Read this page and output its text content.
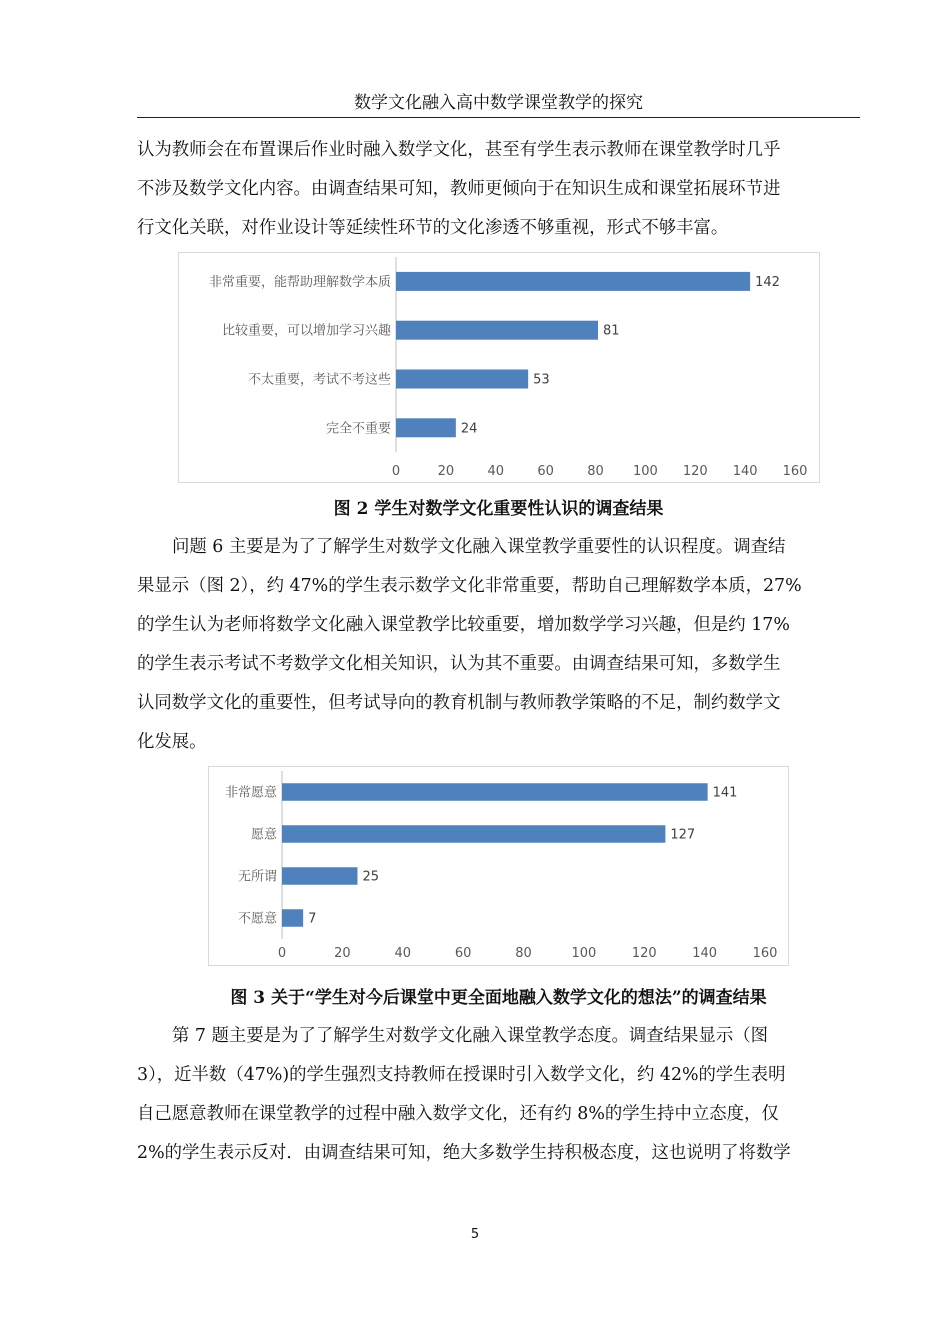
数学文化融入高中数学课堂教学的探究
认为教师会在布置课后作业时融入数学文化，甚至有学生表示教师在课堂教学时几乎
不涉及数学文化内容。由调查结果可知，教师更倾向于在知识生成和课堂拓展环节进
行文化关联，对作业设计等延续性环节的文化渗透不够重视，形式不够丰富。
非常重要，能帮助理解数学本质	142
比较重要，可以增加学习兴趣	81
不太重要，考试不考这些	53
完全不重要	24
0	20	40	60	80 100 120 140 160
图 2 学生对数学文化重要性认识的调查结果
问题 6 主要是为了了解学生对数学文化融入课堂教学重要性的认识程度。调查结
果显示（图 2），约 47%的学生表示数学文化非常重要，帮助自己理解数学本质，27%
的学生认为老师将数学文化融入课堂教学比较重要，增加数学学习兴趣，但是约 17%
的学生表示考试不考数学文化相关知识，认为其不重要。由调查结果可知，多数学生
认同数学文化的重要性，但考试导向的教育机制与教师教学策略的不足，制约数学文
化发展。
非常愿意	141
愿意	127
无所谓	25
不愿意 7
0	20	40	60	80	100	120	140	160
图 3 关于“学生对今后课堂中更全面地融入数学文化的想法”的调查结果
第 7 题主要是为了了解学生对数学文化融入课堂教学态度。调查结果显示（图
3），近半数（47%)的学生强烈支持教师在授课时引入数学文化，约 42%的学生表明
自己愿意教师在课堂教学的过程中融入数学文化，还有约 8%的学生持中立态度，仅
2%的学生表示反对．由调查结果可知，绝大多数学生持积极态度，这也说明了将数学
5
